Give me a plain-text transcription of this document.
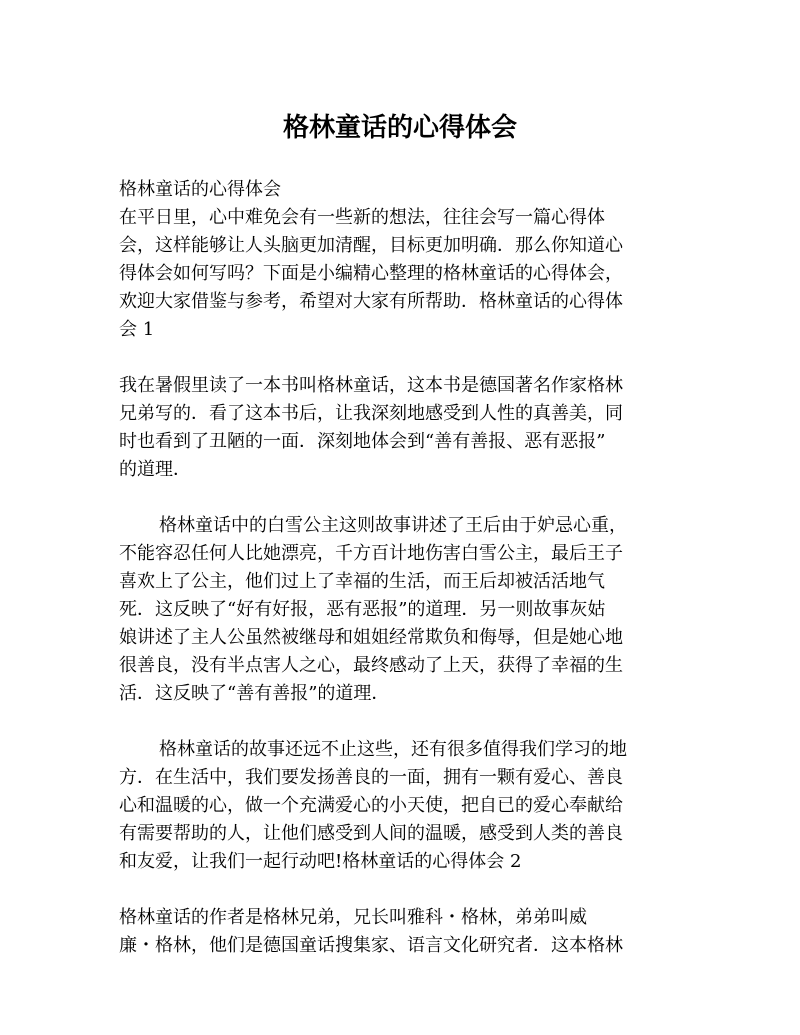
格林童话的心得体会
格林童话的心得体会
在平日里，心中难免会有一些新的想法，往往会写一篇心得体
会，这样能够让人头脑更加清醒，目标更加明确．那么你知道心
得体会如何写吗？下面是小编精心整理的格林童话的心得体会，
欢迎大家借鉴与参考，希望对大家有所帮助．格林童话的心得体
会 1
我在暑假里读了一本书叫格林童话，这本书是德国著名作家格林
兄弟写的．看了这本书后，让我深刻地感受到人性的真善美，同
时也看到了丑陋的一面．深刻地体会到“善有善报、恶有恶报”
的道理．
格林童话中的白雪公主这则故事讲述了王后由于妒忌心重，
不能容忍任何人比她漂亮，千方百计地伤害白雪公主，最后王子
喜欢上了公主，他们过上了幸福的生活，而王后却被活活地气
死．这反映了“好有好报，恶有恶报”的道理．另一则故事灰姑
娘讲述了主人公虽然被继母和姐姐经常欺负和侮辱，但是她心地
很善良，没有半点害人之心，最终感动了上天，获得了幸福的生
活．这反映了“善有善报”的道理．
格林童话的故事还远不止这些，还有很多值得我们学习的地
方．在生活中，我们要发扬善良的一面，拥有一颗有爱心、善良
心和温暖的心，做一个充满爱心的小天使，把自已的爱心奉献给
有需要帮助的人，让他们感受到人间的温暖，感受到人类的善良
和友爱，让我们一起行动吧!格林童话的心得体会 2
格林童话的作者是格林兄弟，兄长叫雅科・格林，弟弟叫威
廉・格林，他们是德国童话搜集家、语言文化研究者．这本格林
